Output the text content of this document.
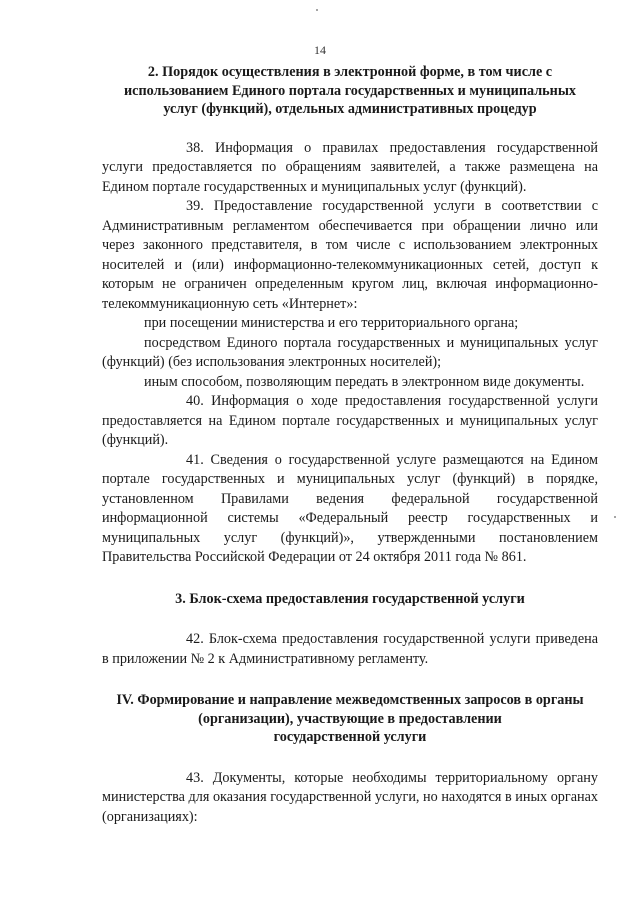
14
2. Порядок осуществления в электронной форме, в том числе с
использованием Единого портала государственных и муниципальных
услуг (функций), отдельных административных процедур

38. Информация о правилах предоставления государственной услуги предоставляется по обращениям заявителей, а также размещена на Едином портале государственных и муниципальных услуг (функций).

39. Предоставление государственной услуги в соответствии с Административным регламентом обеспечивается при обращении лично или через законного представителя, в том числе с использованием электронных носителей и (или) информационно-телекоммуникационных сетей, доступ к которым не ограничен определенным кругом лиц, включая информационно-телекоммуникационную сеть «Интернет»:

при посещении министерства и его территориального органа;

посредством Единого портала государственных и муниципальных услуг (функций) (без использования электронных носителей);

иным способом, позволяющим передать в электронном виде документы.

40. Информация о ходе предоставления государственной услуги предоставляется на Едином портале государственных и муниципальных услуг (функций).

41. Сведения о государственной услуге размещаются на Едином портале государственных и муниципальных услуг (функций) в порядке, установленном Правилами ведения федеральной государственной информационной системы «Федеральный реестр государственных и муниципальных услуг (функций)», утвержденными постановлением Правительства Российской Федерации от 24 октября 2011 года № 861.

3. Блок-схема предоставления государственной услуги

42. Блок-схема предоставления государственной услуги приведена в приложении № 2 к Административному регламенту.

IV. Формирование и направление межведомственных запросов в органы
(организации), участвующие в предоставлении
государственной услуги

43. Документы, которые необходимы территориальному органу министерства для оказания государственной услуги, но находятся в иных органах (организациях):
